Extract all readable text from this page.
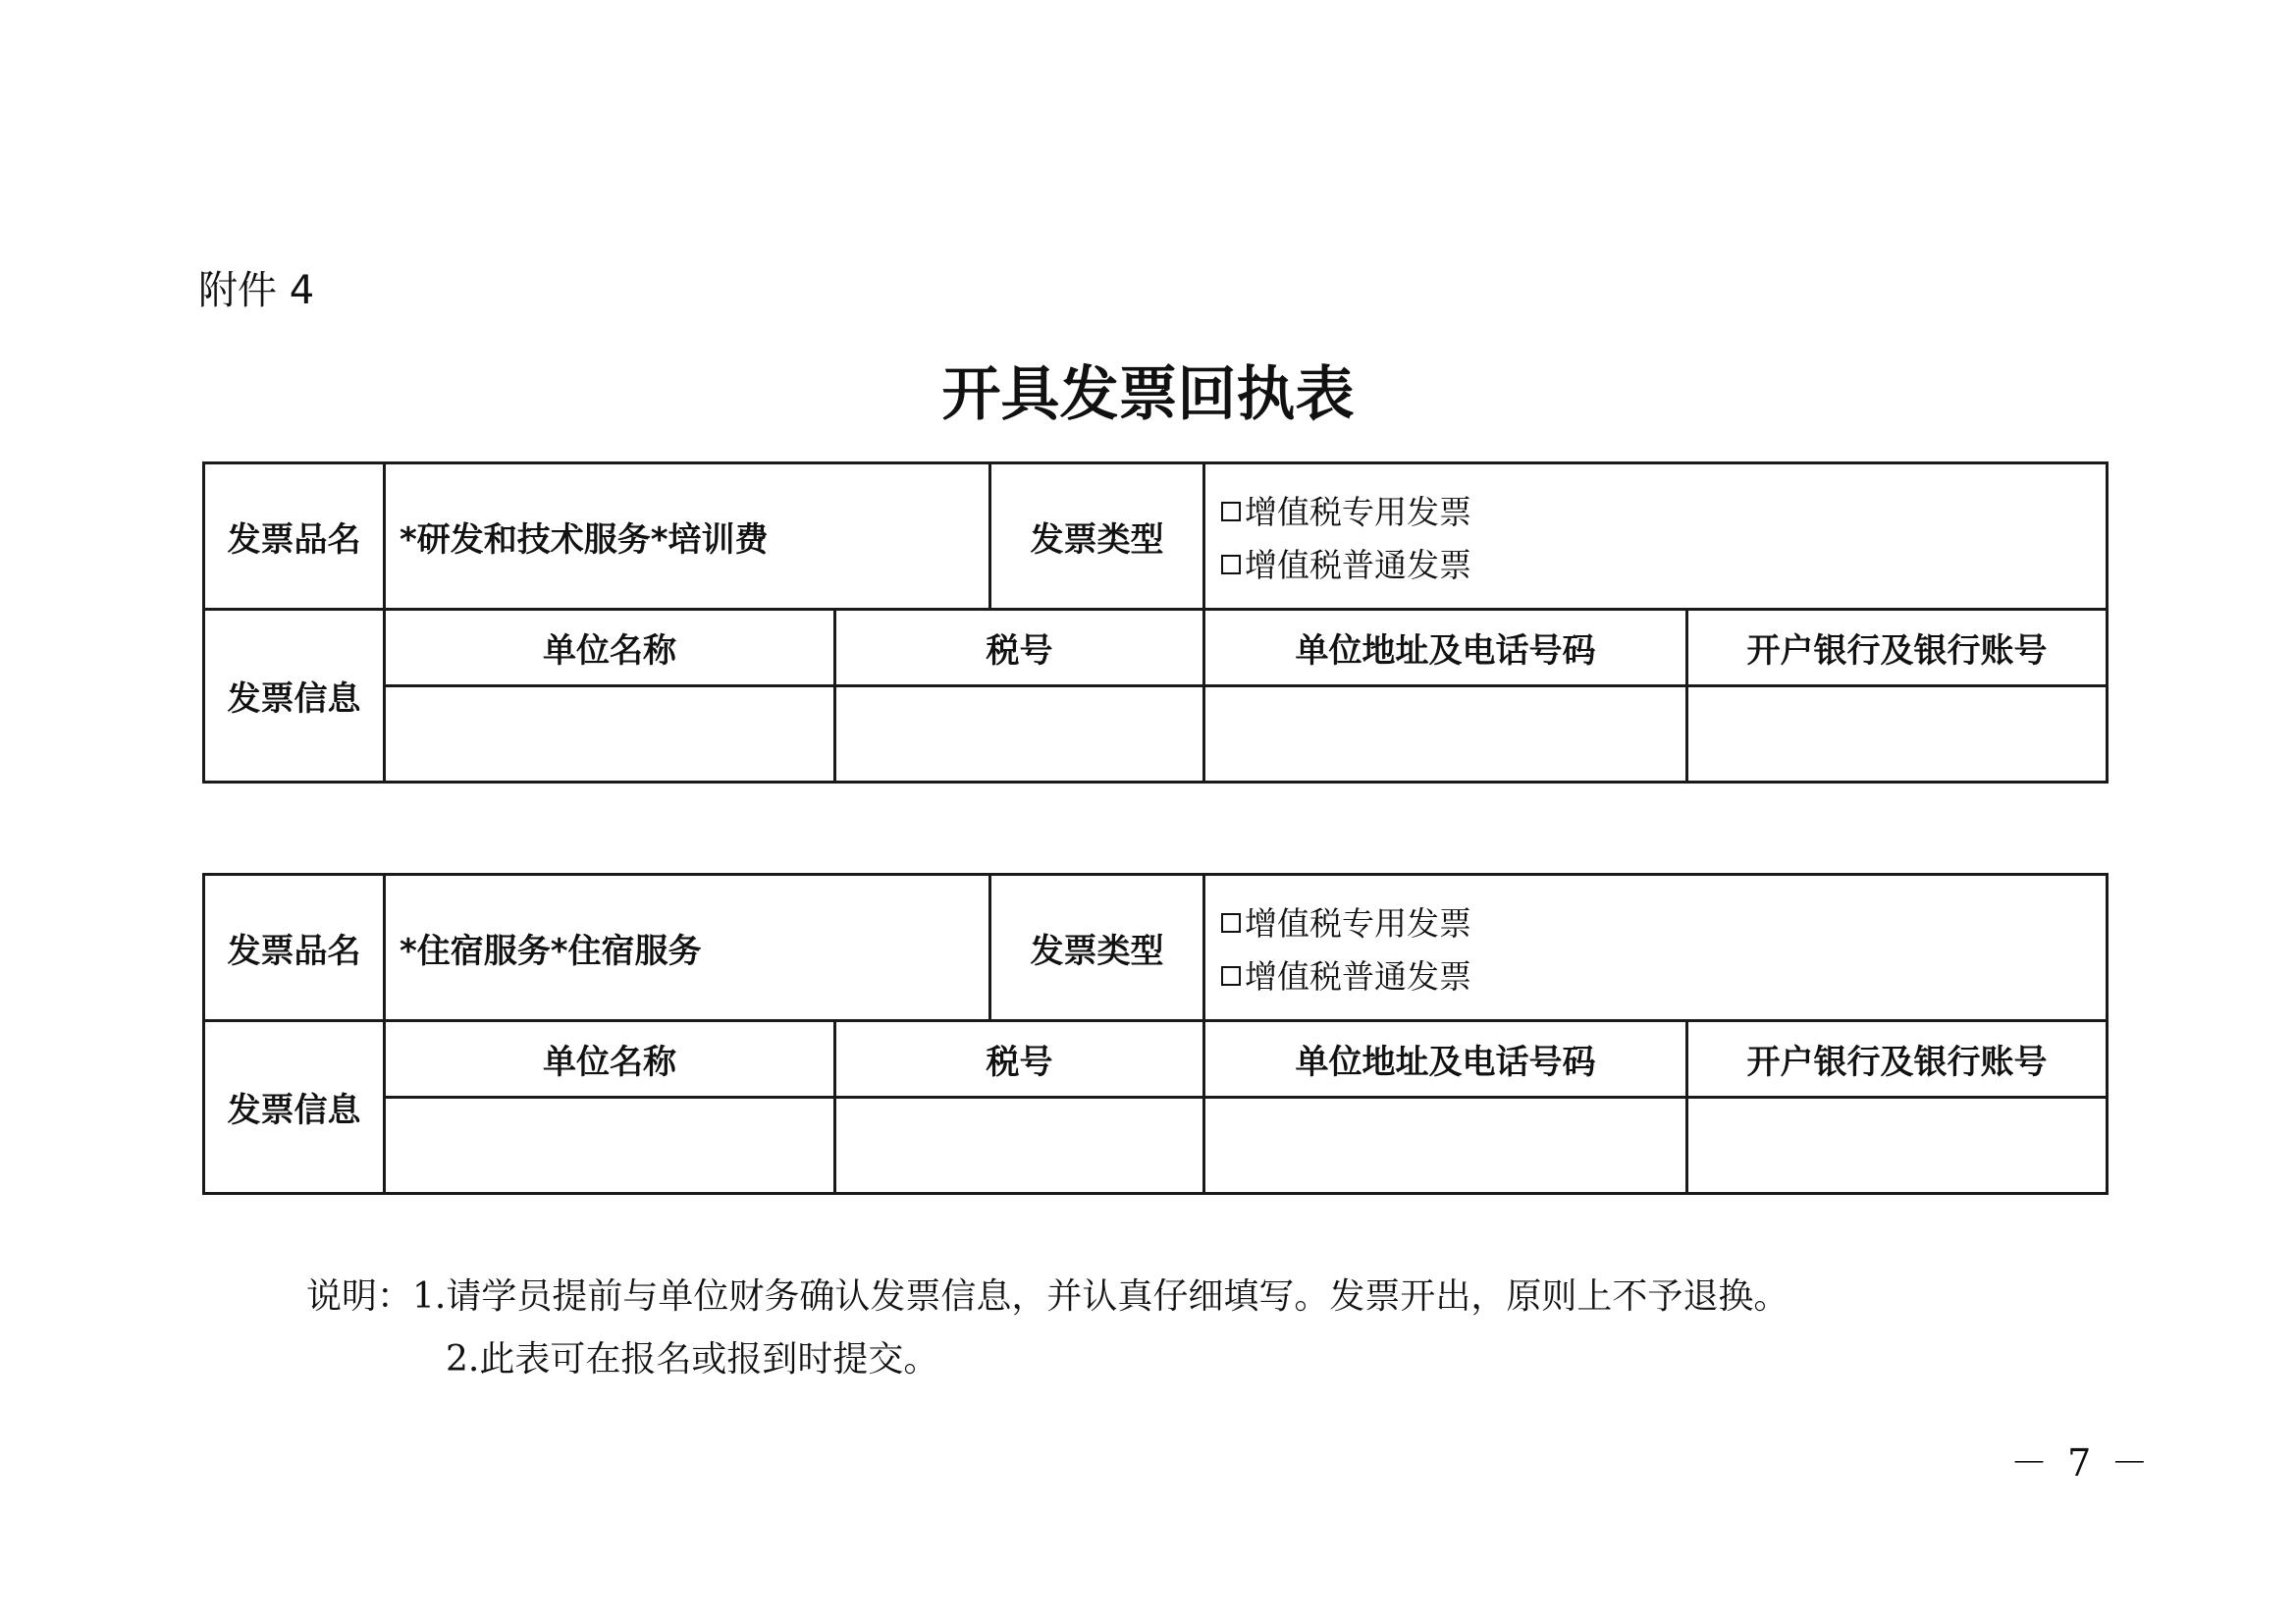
附件 4
开具发票回执表
发票品名	*研发和技术服务*培训费		发票类型	增值税专用发票
增值税普通发票	

发票信息	单位名称	税号		单位地址及电话号码	开户银行及银行账号

发票品名	*住宿服务*住宿服务		发票类型	增值税专用发票
增值税普通发票	

发票信息	单位名称	税号		单位地址及电话号码	开户银行及银行账号

说明：1.请学员提前与单位财务确认发票信息，并认真仔细填写。发票开出，原则上不予退换。
2.此表可在报名或报到时提交。
－ 7 －
